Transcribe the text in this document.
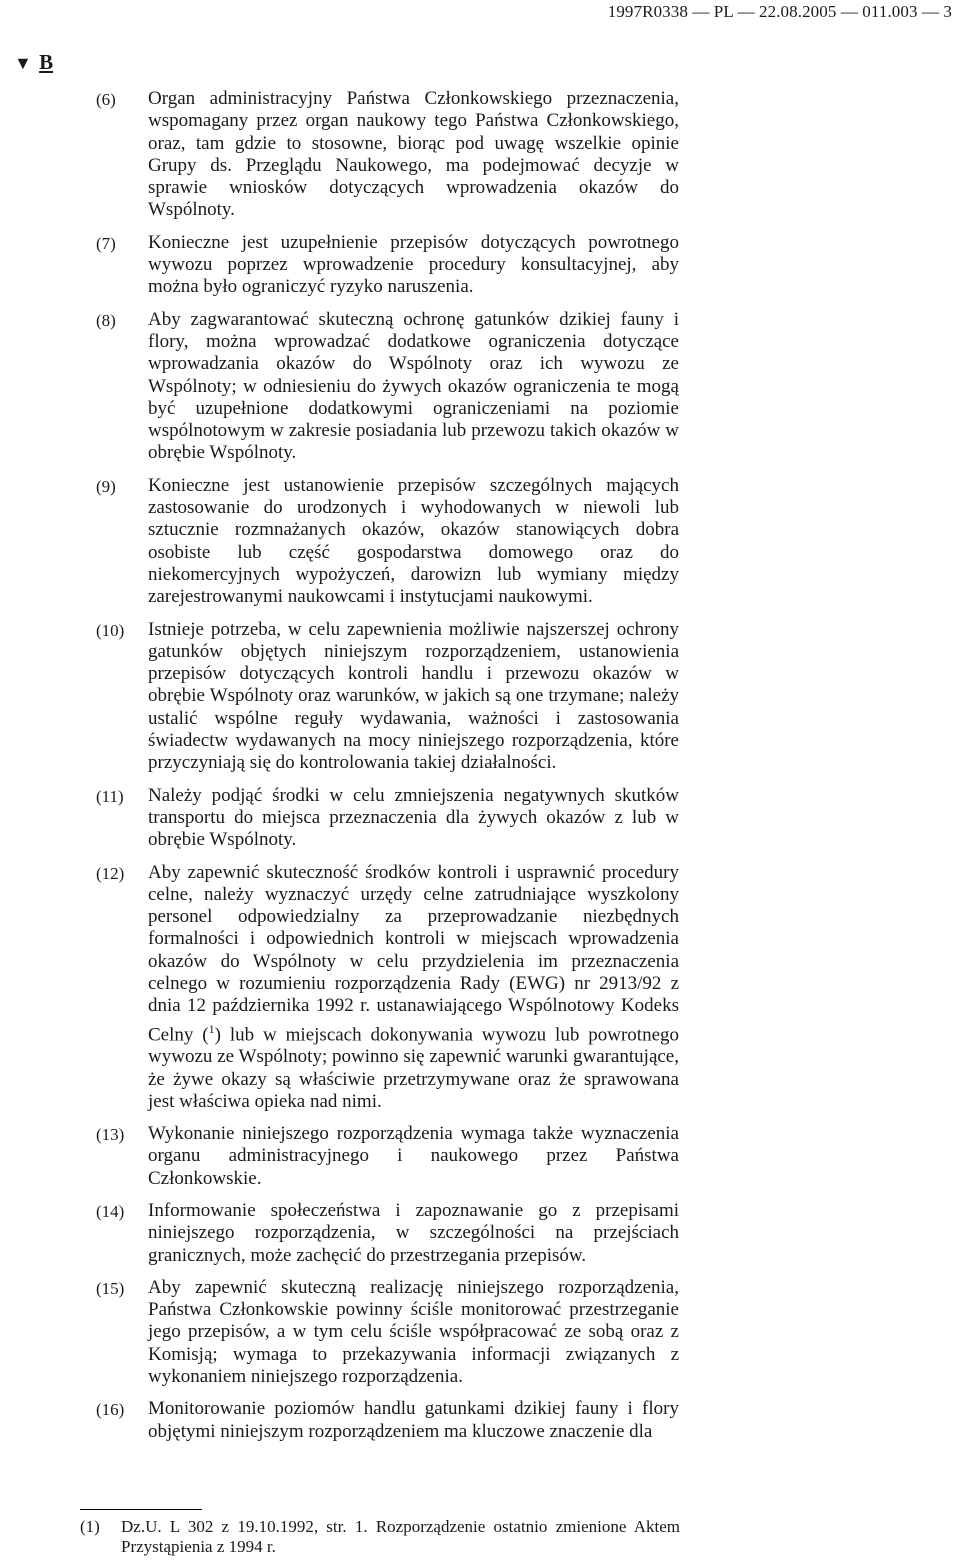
1997R0338 — PL — 22.08.2005 — 011.003 — 3
▼ B
(6) Organ administracyjny Państwa Członkowskiego przeznaczenia, wspomagany przez organ naukowy tego Państwa Członkowskiego, oraz, tam gdzie to stosowne, biorąc pod uwagę wszelkie opinie Grupy ds. Przeglądu Naukowego, ma podejmować decyzje w sprawie wniosków dotyczących wprowadzenia okazów do Wspólnoty.
(7) Konieczne jest uzupełnienie przepisów dotyczących powrotnego wywozu poprzez wprowadzenie procedury konsultacyjnej, aby można było ograniczyć ryzyko naruszenia.
(8) Aby zagwarantować skuteczną ochronę gatunków dzikiej fauny i flory, można wprowadzać dodatkowe ograniczenia dotyczące wprowadzania okazów do Wspólnoty oraz ich wywozu ze Wspólnoty; w odniesieniu do żywych okazów ograniczenia te mogą być uzupełnione dodatkowymi ograniczeniami na poziomie wspólnotowym w zakresie posiadania lub przewozu takich okazów w obrębie Wspólnoty.
(9) Konieczne jest ustanowienie przepisów szczególnych mających zastosowanie do urodzonych i wyhodowanych w niewoli lub sztucznie rozmnażanych okazów, okazów stanowiących dobra osobiste lub część gospodarstwa domowego oraz do niekomercyjnych wypożyczeń, darowizn lub wymiany między zarejestrowanymi naukowcami i instytucjami naukowymi.
(10) Istnieje potrzeba, w celu zapewnienia możliwie najszerszej ochrony gatunków objętych niniejszym rozporządzeniem, ustanowienia przepisów dotyczących kontroli handlu i przewozu okazów w obrębie Wspólnoty oraz warunków, w jakich są one trzymane; należy ustalić wspólne reguły wydawania, ważności i zastosowania świadectw wydawanych na mocy niniejszego rozporządzenia, które przyczyniają się do kontrolowania takiej działalności.
(11) Należy podjąć środki w celu zmniejszenia negatywnych skutków transportu do miejsca przeznaczenia dla żywych okazów z lub w obrębie Wspólnoty.
(12) Aby zapewnić skuteczność środków kontroli i usprawnić procedury celne, należy wyznaczyć urzędy celne zatrudniające wyszkolony personel odpowiedzialny za przeprowadzanie niezbędnych formalności i odpowiednich kontroli w miejscach wprowadzenia okazów do Wspólnoty w celu przydzielenia im przeznaczenia celnego w rozumieniu rozporządzenia Rady (EWG) nr 2913/92 z dnia 12 października 1992 r. ustanawiającego Wspólnotowy Kodeks Celny ($^1$) lub w miejscach dokonywania wywozu lub powrotnego wywozu ze Wspólnoty; powinno się zapewnić warunki gwarantujące, że żywe okazy są właściwie przetrzymywane oraz że sprawowana jest właściwa opieka nad nimi.
(13) Wykonanie niniejszego rozporządzenia wymaga także wyznaczenia organu administracyjnego i naukowego przez Państwa Członkowskie.
(14) Informowanie społeczeństwa i zapoznawanie go z przepisami niniejszego rozporządzenia, w szczególności na przejściach granicznych, może zachęcić do przestrzegania przepisów.
(15) Aby zapewnić skuteczną realizację niniejszego rozporządzenia, Państwa Członkowskie powinny ściśle monitorować przestrzeganie jego przepisów, a w tym celu ściśle współpracować ze sobą oraz z Komisją; wymaga to przekazywania informacji związanych z wykonaniem niniejszego rozporządzenia.
(16) Monitorowanie poziomów handlu gatunkami dzikiej fauny i flory objętymi niniejszym rozporządzeniem ma kluczowe znaczenie dla
(1) Dz.U. L 302 z 19.10.1992, str. 1. Rozporządzenie ostatnio zmienione Aktem Przystąpienia z 1994 r.
